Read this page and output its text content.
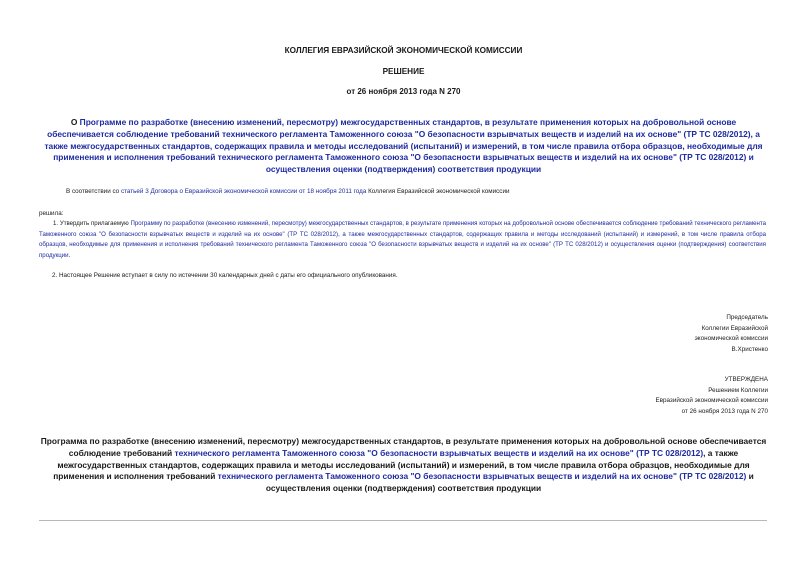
КОЛЛЕГИЯ ЕВРАЗИЙСКОЙ ЭКОНОМИЧЕСКОЙ КОМИССИИ
РЕШЕНИЕ
от 26 ноября 2013 года N 270
О Программе по разработке (внесению изменений, пересмотру) межгосударственных стандартов, в результате применения которых на добровольной основе обеспечивается соблюдение требований технического регламента Таможенного союза "О безопасности взрывчатых веществ и изделий на их основе" (ТР ТС 028/2012), а также межгосударственных стандартов, содержащих правила и методы исследований (испытаний) и измерений, в том числе правила отбора образцов, необходимые для применения и исполнения требований технического регламента Таможенного союза "О безопасности взрывчатых веществ и изделий на их основе" (ТР ТС 028/2012) и осуществления оценки (подтверждения) соответствия продукции
В соответствии со статьей 3 Договора о Евразийской экономической комиссии от 18 ноября 2011 года Коллегия Евразийской экономической комиссии
решила:
1. Утвердить прилагаемую Программу по разработке (внесению изменений, пересмотру) межгосударственных стандартов, в результате применения которых на добровольной основе обеспечивается соблюдение требований технического регламента Таможенного союза "О безопасности взрывчатых веществ и изделий на их основе" (ТР ТС 028/2012), а также межгосударственных стандартов, содержащих правила и методы исследований (испытаний) и измерений, в том числе правила отбора образцов, необходимые для применения и исполнения требований технического регламента Таможенного союза "О безопасности взрывчатых веществ и изделий на их основе" (ТР ТС 028/2012) и осуществления оценки (подтверждения) соответствия продукции.
2. Настоящее Решение вступает в силу по истечении 30 календарных дней с даты его официального опубликования.

Председатель

Коллегии Евразийской

экономической комиссии

В.Христенко

УТВЕРЖДЕНА

Решением Коллегии

Евразийской экономической комиссии

от 26 ноября 2013 года N 270

Программа по разработке (внесению изменений, пересмотру) межгосударственных стандартов, в результате применения которых на добровольной основе обеспечивается соблюдение требований технического регламента Таможенного союза "О безопасности взрывчатых веществ и изделий на их основе" (ТР ТС 028/2012), а также межгосударственных стандартов, содержащих правила и методы исследований (испытаний) и измерений, в том числе правила отбора образцов, необходимые для применения и исполнения требований технического регламента Таможенного союза "О безопасности взрывчатых веществ и изделий на их основе" (ТР ТС 028/2012) и осуществления оценки (подтверждения) соответствия продукции
